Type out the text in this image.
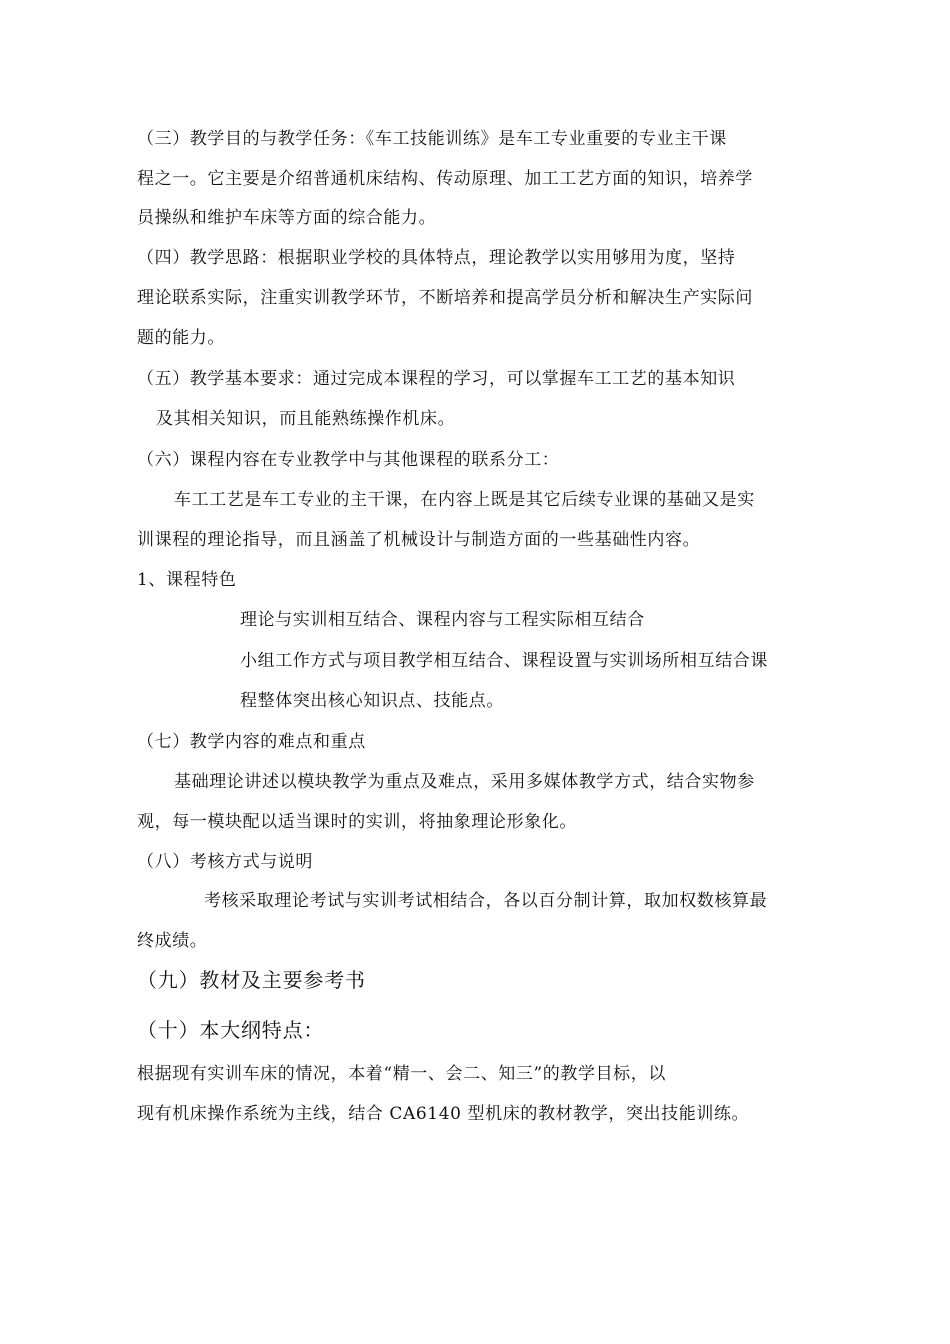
（三）教学目的与教学任务：《车工技能训练》是车工专业重要的专业主干课
程之一。它主要是介绍普通机床结构、传动原理、加工工艺方面的知识，培养学
员操纵和维护车床等方面的综合能力。
（四）教学思路：根据职业学校的具体特点，理论教学以实用够用为度，坚持
理论联系实际，注重实训教学环节，不断培养和提高学员分析和解决生产实际问
题的能力。
（五）教学基本要求：通过完成本课程的学习，可以掌握车工工艺的基本知识
及其相关知识，而且能熟练操作机床。
（六）课程内容在专业教学中与其他课程的联系分工：
车工工艺是车工专业的主干课，在内容上既是其它后续专业课的基础又是实
训课程的理论指导，而且涵盖了机械设计与制造方面的一些基础性内容。
1、课程特色
理论与实训相互结合、课程内容与工程实际相互结合
小组工作方式与项目教学相互结合、课程设置与实训场所相互结合课
程整体突出核心知识点、技能点。
（七）教学内容的难点和重点
基础理论讲述以模块教学为重点及难点，采用多媒体教学方式，结合实物参
观，每一模块配以适当课时的实训，将抽象理论形象化。
（八）考核方式与说明
考核采取理论考试与实训考试相结合，各以百分制计算，取加权数核算最
终成绩。
（九）教材及主要参考书
（十）本大纲特点：
根据现有实训车床的情况，本着“精一、会二、知三”的教学目标，以
现有机床操作系统为主线，结合 CA6140 型机床的教材教学，突出技能训练。
